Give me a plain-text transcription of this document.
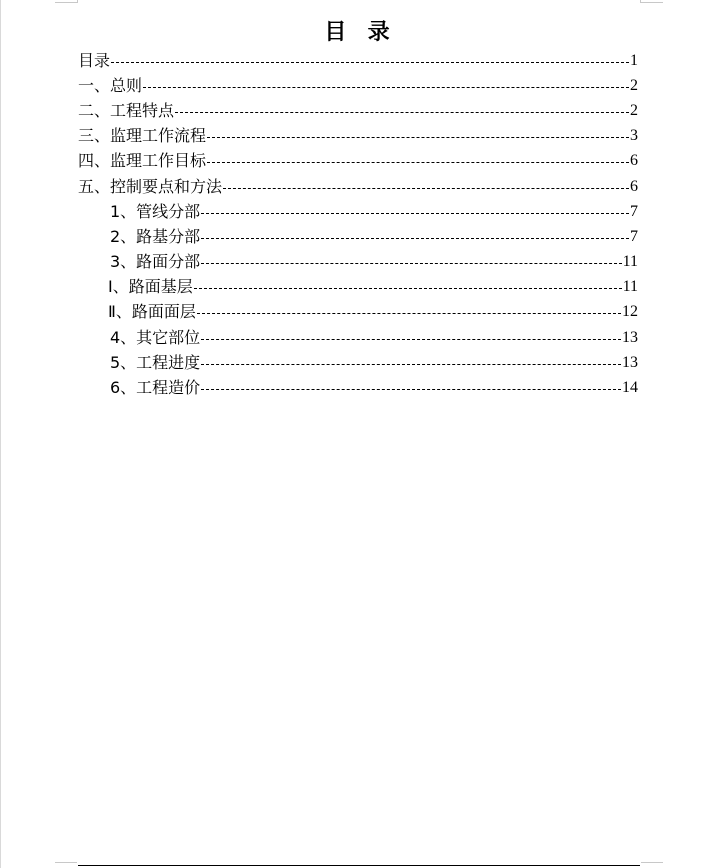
目  录
目录	1
一、总则	2
二、工程特点	2
三、监理工作流程	3
四、监理工作目标	6
五、控制要点和方法	6
1、管线分部	7
2、路基分部	7
3、路面分部	11
Ⅰ、路面基层	11
Ⅱ、路面面层	12
4、其它部位	13
5、工程进度	13
6、工程造价	14
